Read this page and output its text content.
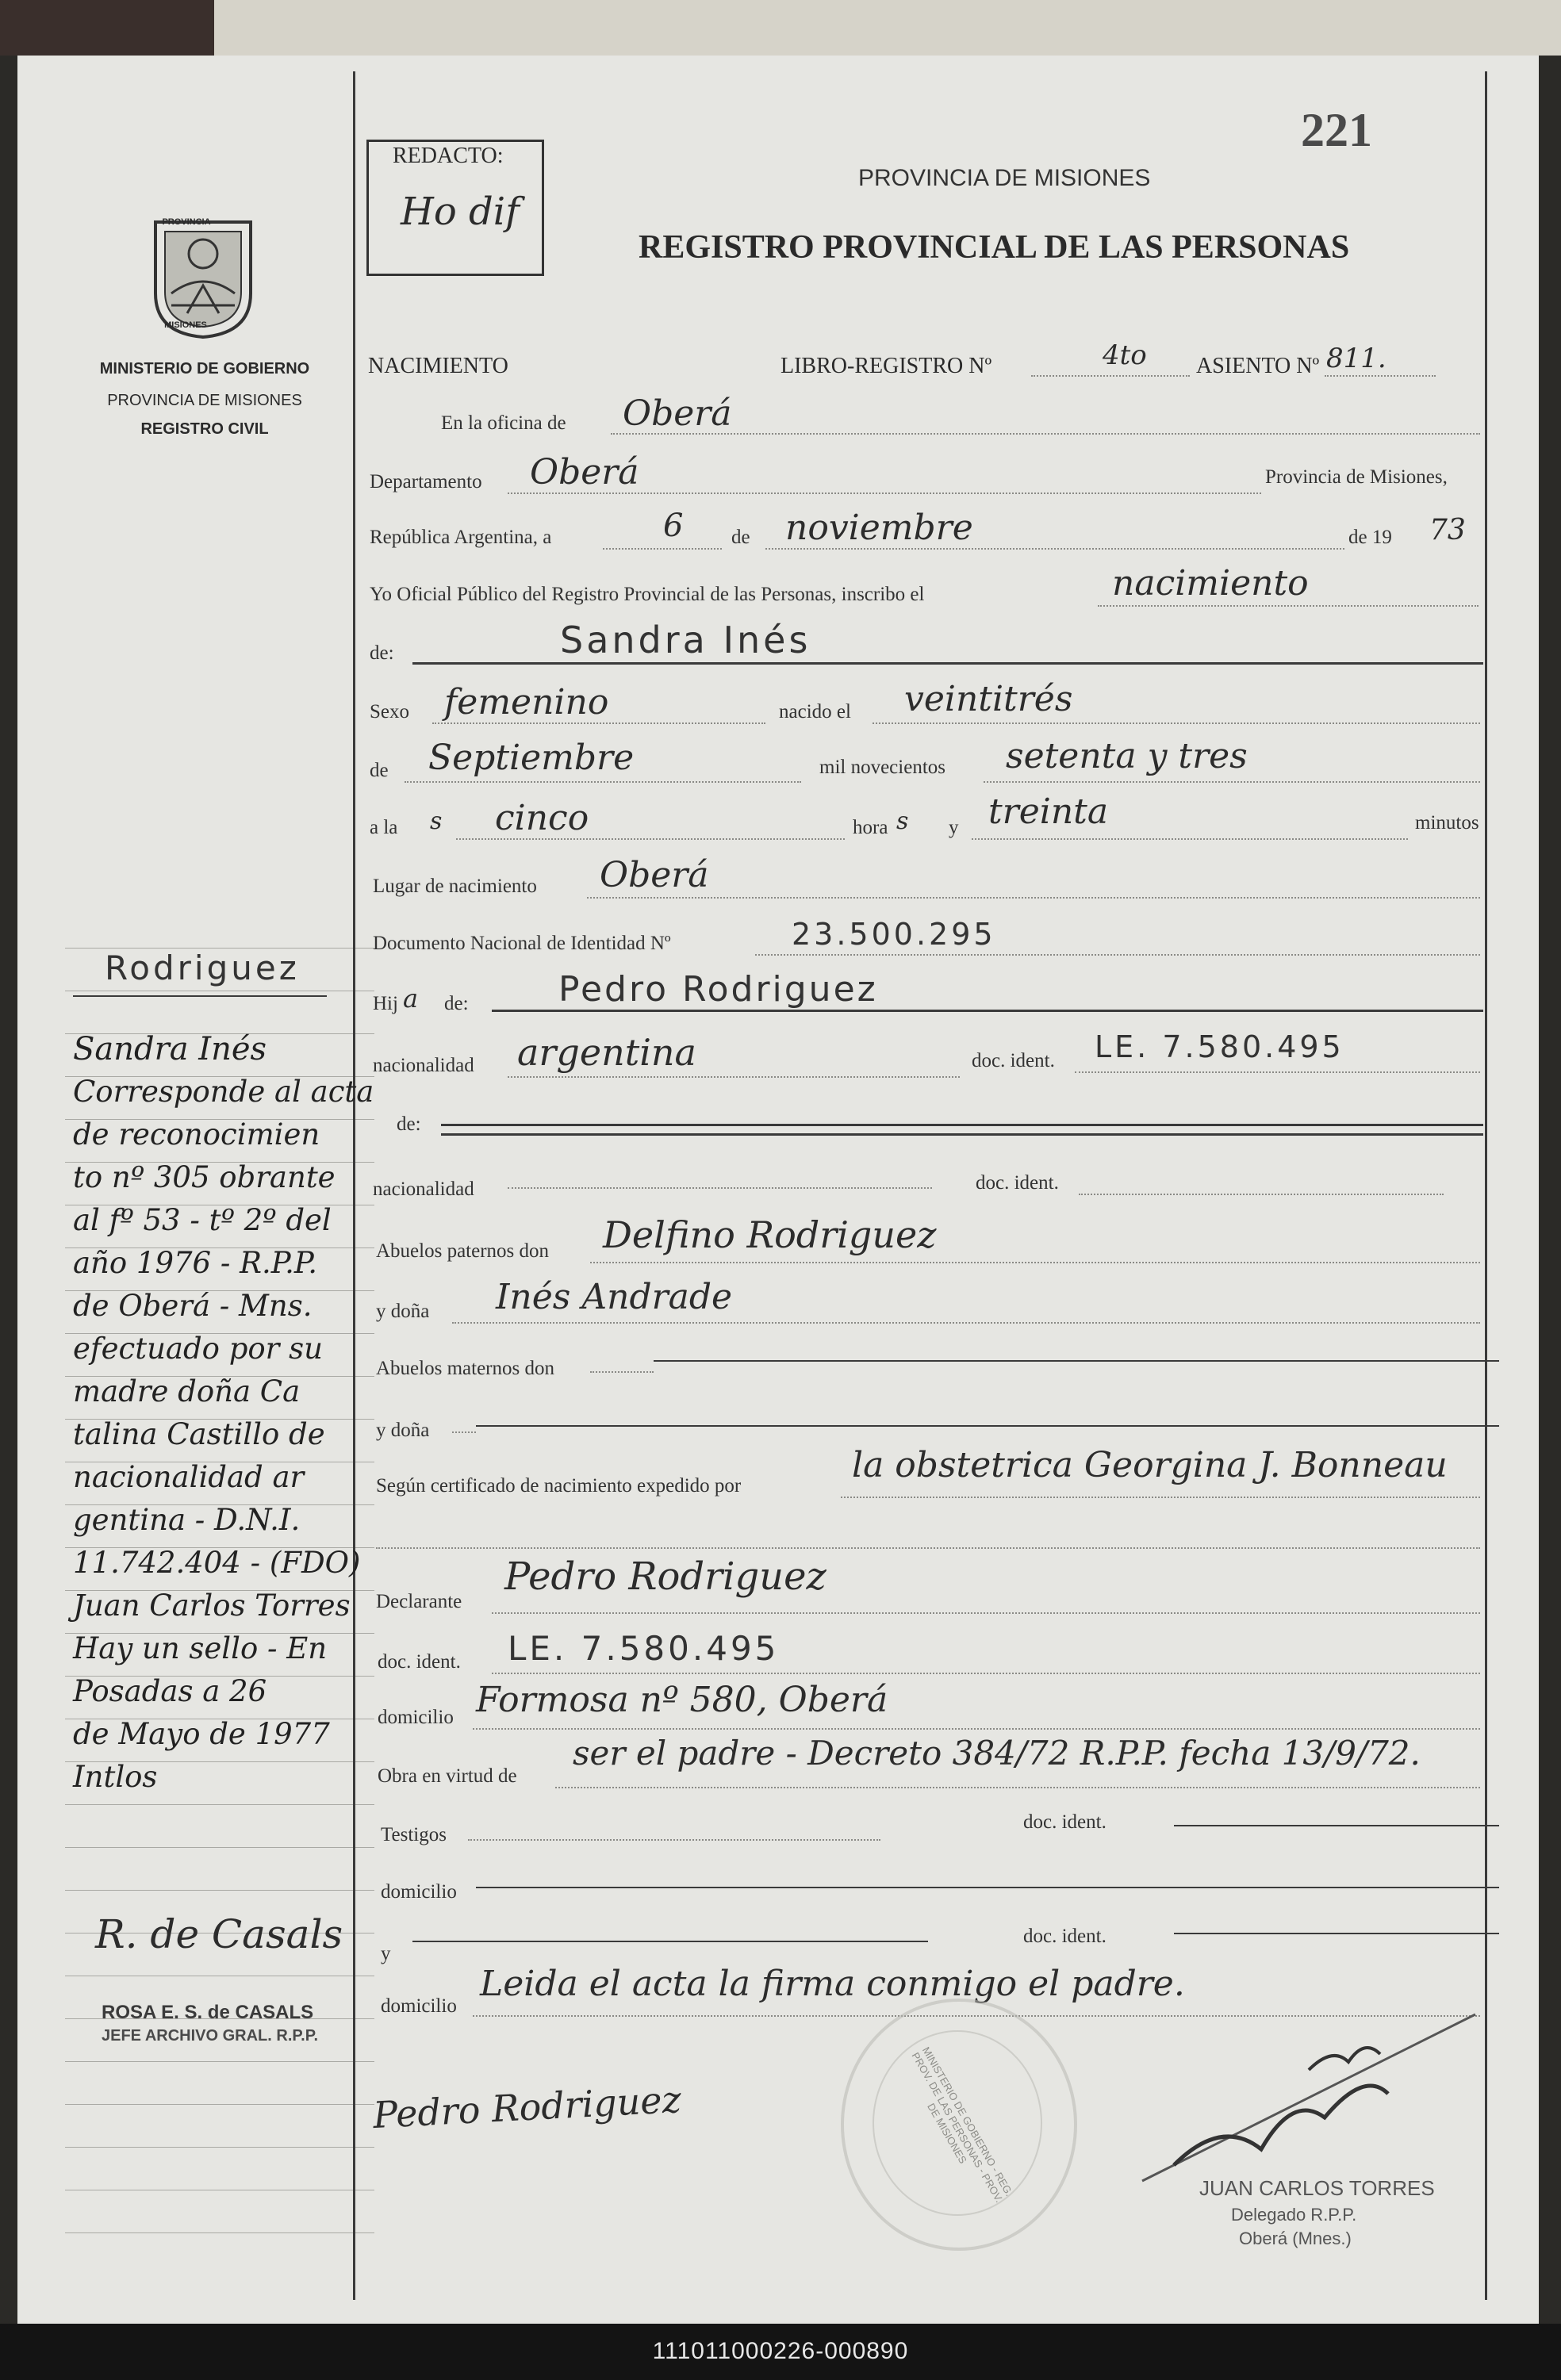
221
REDACTO:
Ho dif
PROVINCIA DE MISIONES
REGISTRO PROVINCIAL DE LAS PERSONAS
PROVINCIA
MISIONES
MINISTERIO DE GOBIERNO
PROVINCIA DE MISIONES
REGISTRO CIVIL
NACIMIENTO	LIBRO-REGISTRO Nº	4to ASIENTO Nº 811.
En la oficina de Oberá
Departamento Oberá	Provincia de Misiones,
República Argentina, a	6 de noviembre	de 19 73
Yo Oficial Público del Registro Provincial de las Personas, inscribo el	nacimiento
de:	Sandra Inés
Sexo femenino	nacido el veintitrés
de Septiembre	mil novecientos setenta y tres
a la s cinco	hora s y treinta	minutos
Lugar de nacimiento Oberá
Documento Nacional de Identidad Nº	23.500.295
Hij a de:	Pedro Rodriguez
nacionalidad argentina	doc. ident. LE. 7.580.495
de:
nacionalidad	doc. ident.
Abuelos paternos don Delfino Rodriguez
y doña Inés Andrade
Abuelos maternos don
y doña
Según certificado de nacimiento expedido por
la obstetrica Georgina J. Bonneau
Declarante
Pedro Rodriguez
doc. ident. LE. 7.580.495
domicilio Formosa nº 580, Oberá
Obra en virtud de
ser el padre - Decreto 384/72 R.P.P. fecha 13/9/72.
Testigos
doc. ident.
domicilio
y
doc. ident.
domicilio
Leida el acta la firma conmigo el padre.
Rodriguez
Sandra Inés
Corresponde al acta
de reconocimien
to nº 305 obrante
al fº 53 - tº 2º del
año 1976 - R.P.P.
de Oberá - Mns.
efectuado por su
madre doña Ca
talina Castillo de
nacionalidad ar
gentina - D.N.I.
11.742.404 - (FDO)
Juan Carlos Torres
Hay un sello - En
Posadas a 26
de Mayo de 1977
Intlos
R. de Casals
ROSA E. S. de CASALS
JEFE ARCHIVO GRAL. R.P.P.
Pedro Rodriguez	MINISTERIO DE GOBIERNO - REG. PROV. DE LAS PERSONAS - PROV. DE MISIONES
JUAN CARLOS TORRES
Delegado R.P.P.
Oberá (Mnes.)
111011000226-000890
